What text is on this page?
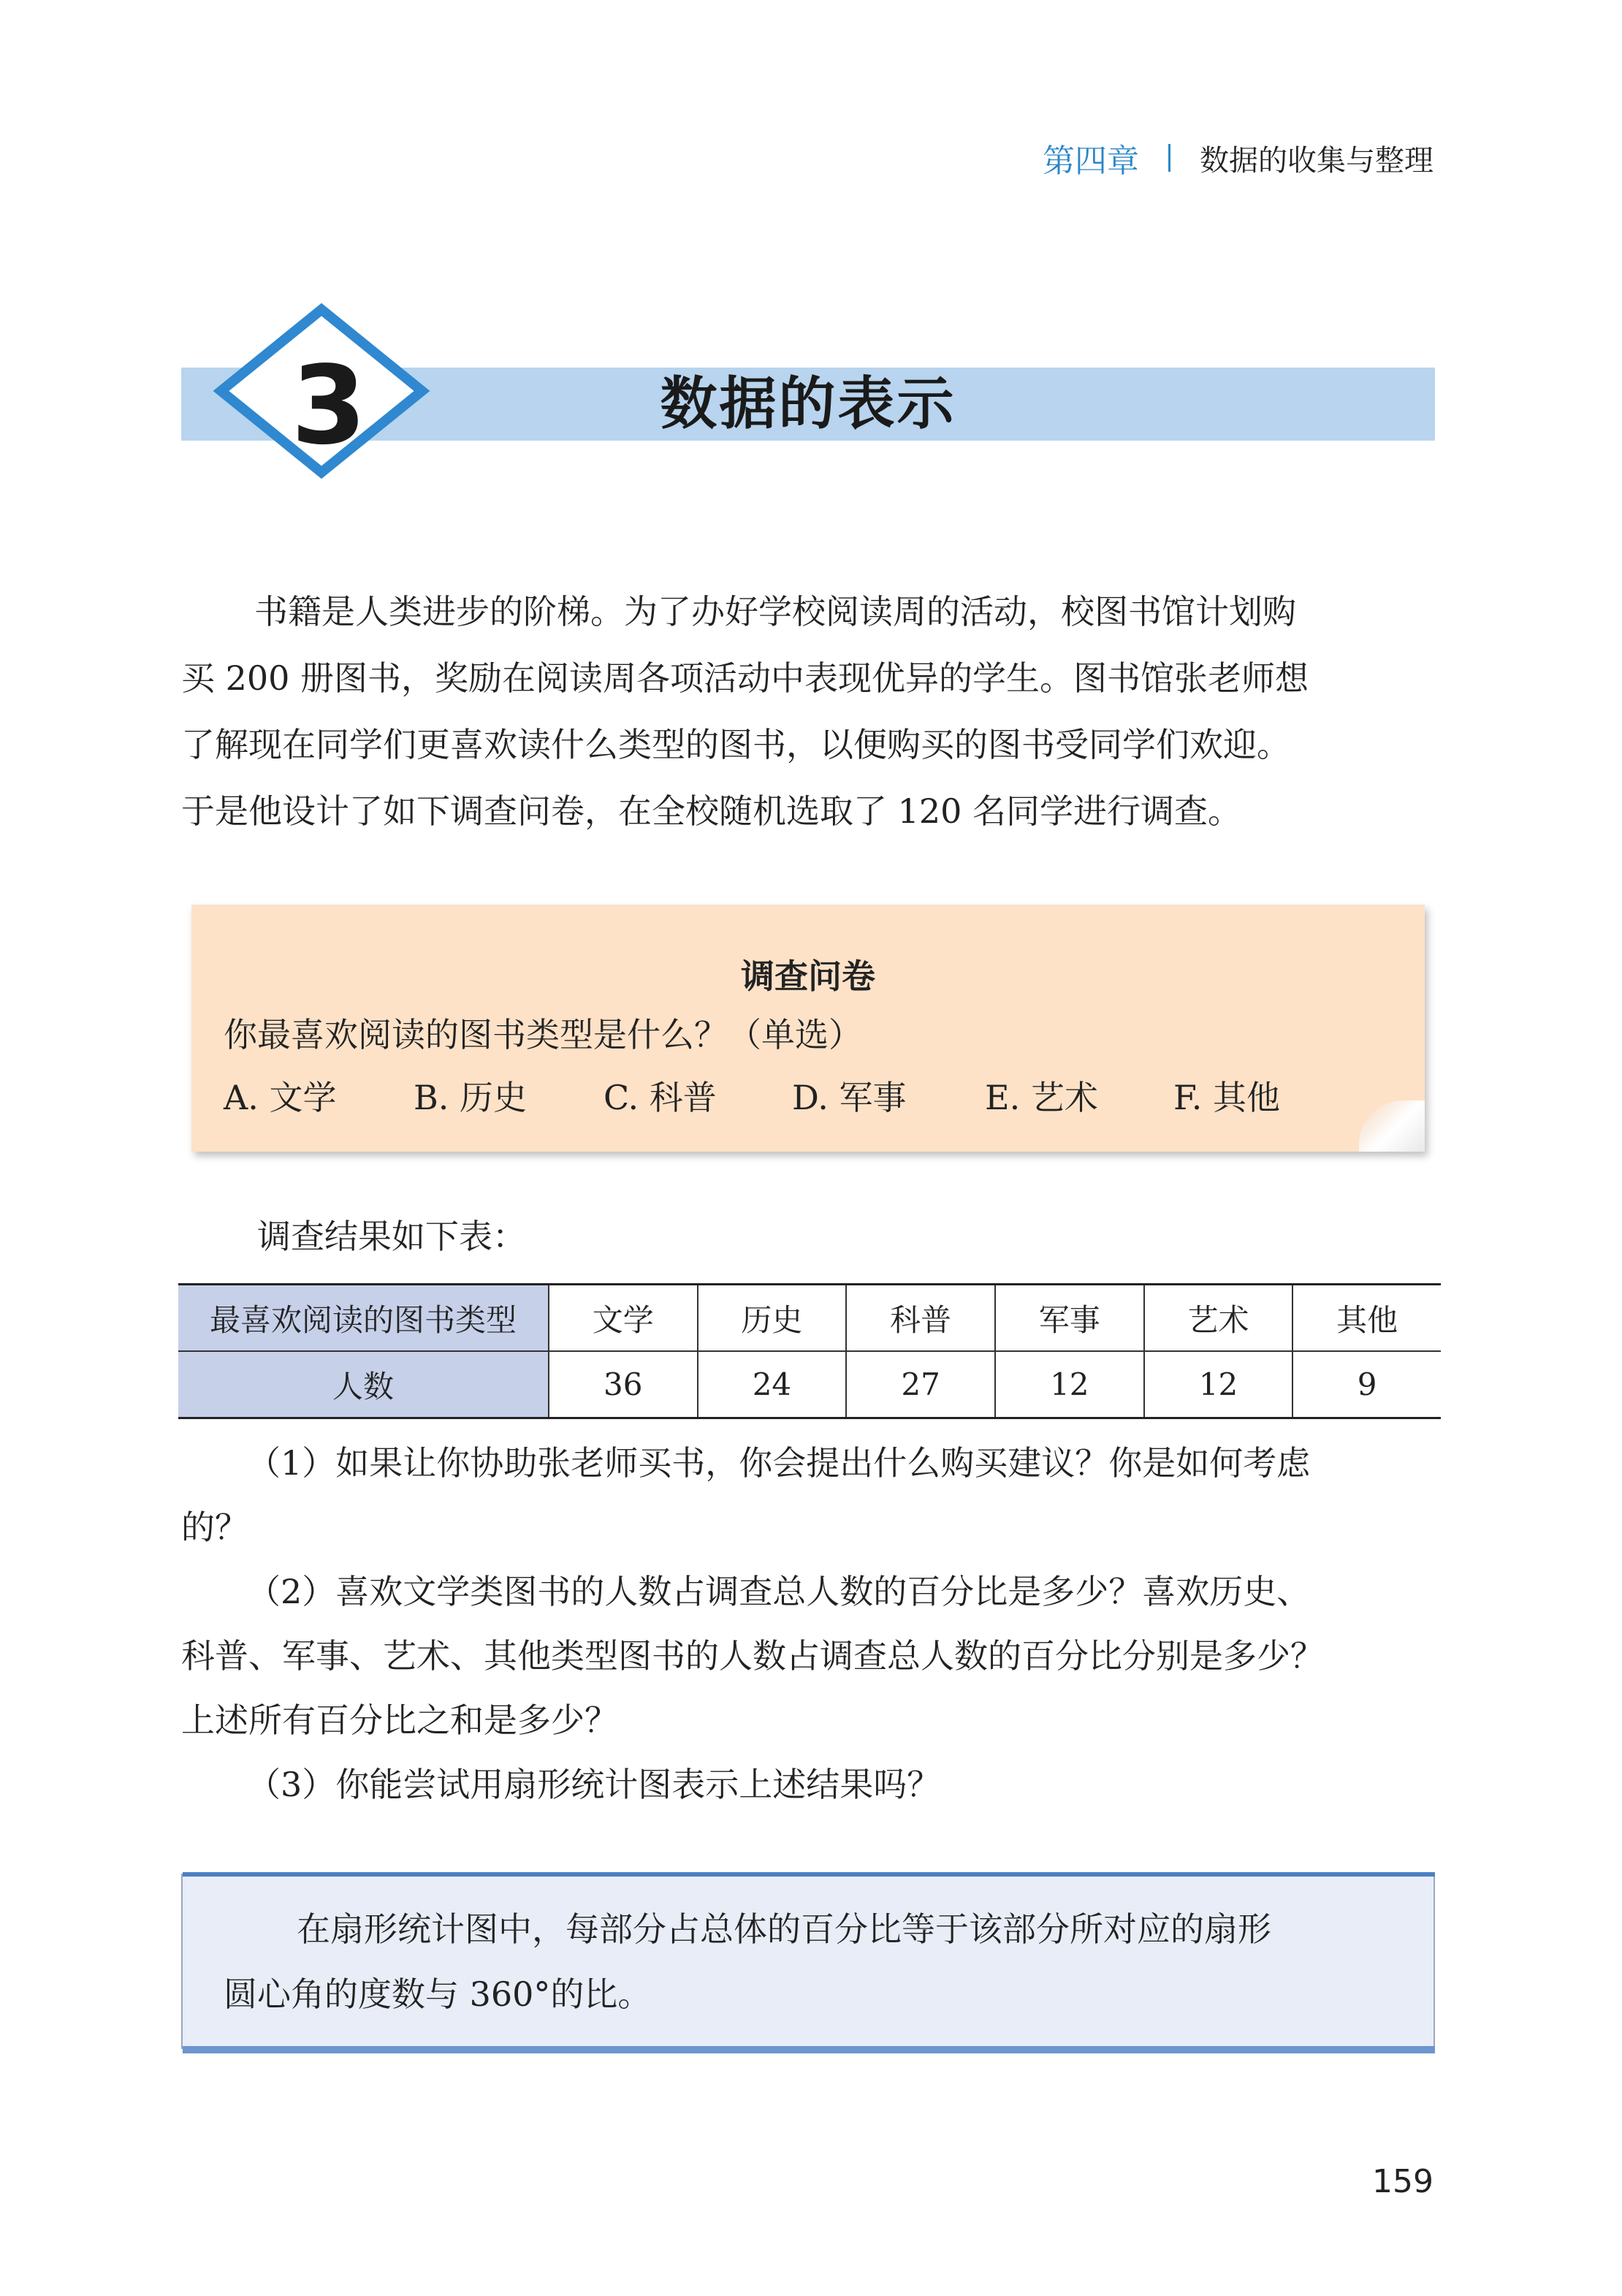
第四章 数据的收集与整理
3	数据的表示

书籍是人类进步的阶梯。为了办好学校阅读周的活动，校图书馆计划购

买 200 册图书，奖励在阅读周各项活动中表现优异的学生。图书馆张老师想

了解现在同学们更喜欢读什么类型的图书，以便购买的图书受同学们欢迎。

于是他设计了如下调查问卷，在全校随机选取了 120 名同学进行调查。

调查问卷
你最喜欢阅读的图书类型是什么？（单选）
A. 文学	B. 历史	C. 科普	D. 军事	E. 艺术	F. 其他
调查结果如下表：
最喜欢阅读的图书类型	文学	历史	科普	军事	艺术	其他
人数	36	24	27	12	12	9

（1）如果让你协助张老师买书，你会提出什么购买建议？你是如何考虑

的？

（2）喜欢文学类图书的人数占调查总人数的百分比是多少？喜欢历史、

科普、军事、艺术、其他类型图书的人数占调查总人数的百分比分别是多少？

上述所有百分比之和是多少？

（3）你能尝试用扇形统计图表示上述结果吗？

在扇形统计图中，每部分占总体的百分比等于该部分所对应的扇形

圆心角的度数与 360°的比。

159
